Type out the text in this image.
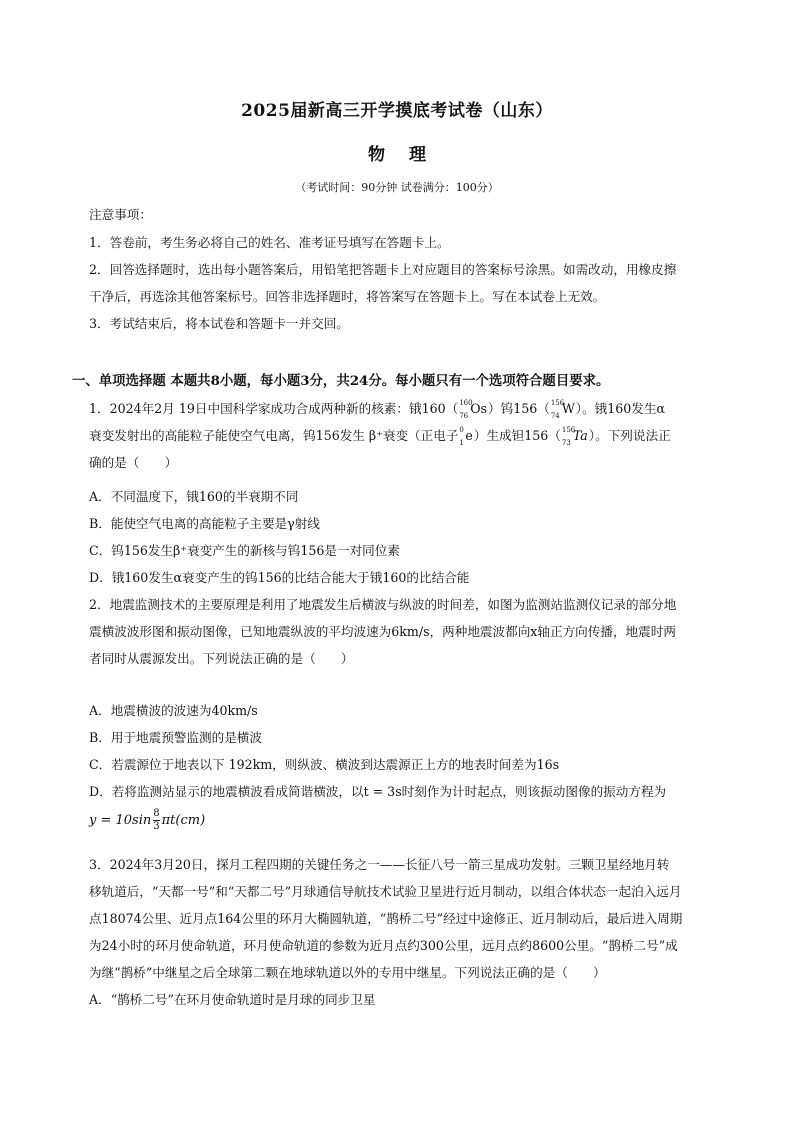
2025届新高三开学摸底考试卷（山东）
物理
（考试时间：90分钟 试卷满分：100分）
注意事项：
1．答卷前，考生务必将自己的姓名、准考证号填写在答题卡上。
2．回答选择题时，选出每小题答案后，用铅笔把答题卡上对应题目的答案标号涂黑。如需改动，用橡皮擦
干净后，再选涂其他答案标号。回答非选择题时，将答案写在答题卡上。写在本试卷上无效。
3．考试结束后，将本试卷和答题卡一并交回。
一、单项选择题 本题共8小题，每小题3分，共24分。每小题只有一个选项符合题目要求。
1．2024年2月 19日中国科学家成功合成两种新的核素：锇160（ 160
76 Os）钨156（ 156
74 W）。锇160发生α
衰变发射出的高能粒子能使空气电离，钨156发生 β⁺衰变（正电子 0
1 e）生成钽156（ 156
73 Ta）。下列说法正
确的是（　　）
A．不同温度下，锇160的半衰期不同
B．能使空气电离的高能粒子主要是γ射线
C．钨156发生β⁺衰变产生的新核与钨156是一对同位素
D．锇160发生α衰变产生的钨156的比结合能大于锇160的比结合能
2．地震监测技术的主要原理是利用了地震发生后横波与纵波的时间差，如图为监测站监测仪记录的部分地
震横波波形图和振动图像，已知地震纵波的平均波速为6km/s，两种地震波都向x轴正方向传播，地震时两
者同时从震源发出。下列说法正确的是（　　）
A．地震横波的波速为40km/s
B．用于地震预警监测的是横波
C．若震源位于地表以下 192km，则纵波、横波到达震源正上方的地表时间差为16s
D．若将监测站显示的地震横波看成简谐横波，以t = 3s时刻作为计时起点，则该振动图像的振动方程为
$y = 10\sin \frac{8}{3} \pi t(cm)$
3．2024年3月20日，探月工程四期的关键任务之一——长征八号一箭三星成功发射。三颗卫星经地月转
移轨道后，“天都一号”和“天都二号”月球通信导航技术试验卫星进行近月制动，以组合体状态一起泊入远月
点18074公里、近月点164公里的环月大椭圆轨道，“鹊桥二号”经过中途修正、近月制动后，最后进入周期
为24小时的环月使命轨道，环月使命轨道的参数为近月点约300公里，远月点约8600公里。“鹊桥二号”成
为继“鹊桥”中继星之后全球第二颗在地球轨道以外的专用中继星。下列说法正确的是（　　）
A．“鹊桥二号”在环月使命轨道时是月球的同步卫星
